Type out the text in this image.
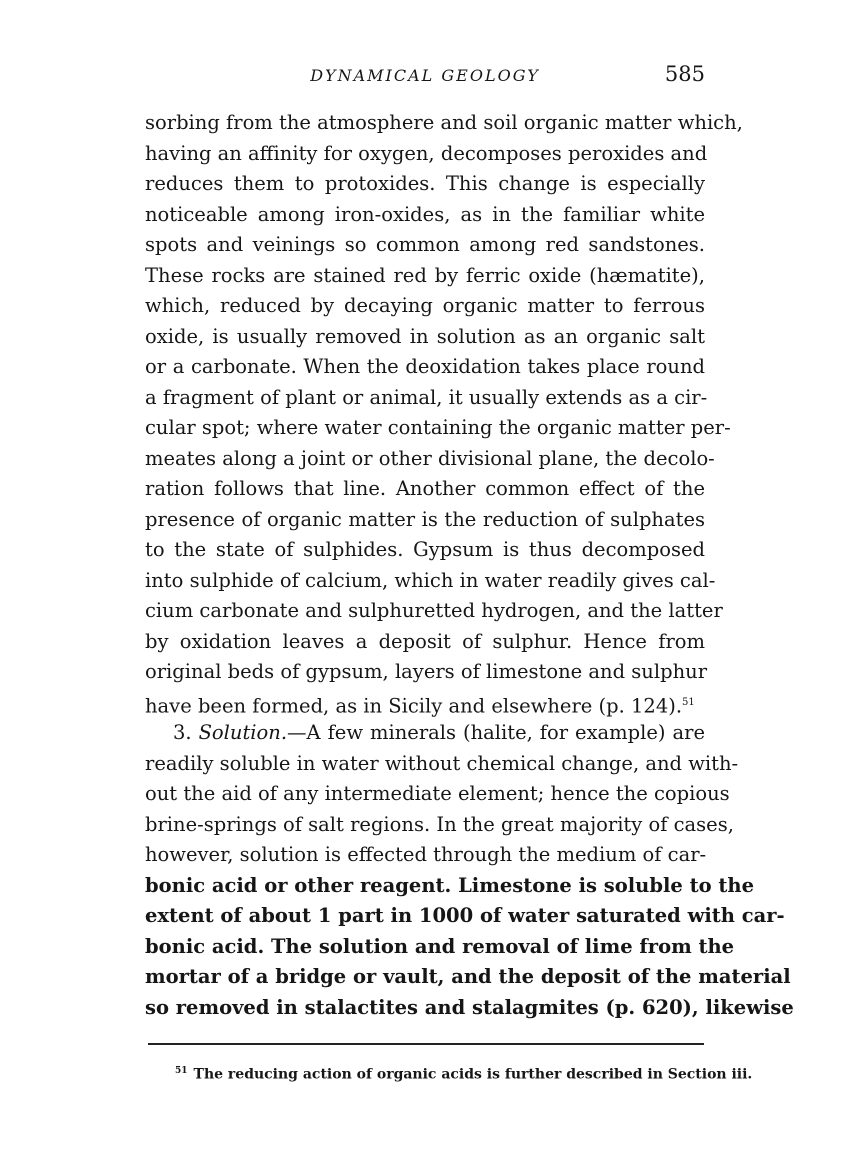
DYNAMICAL GEOLOGY	585
sorbing from the atmosphere and soil organic matter which,
having an affinity for oxygen, decomposes peroxides and
reduces them to protoxides. This change is especially
noticeable among iron-oxides, as in the familiar white
spots and veinings so common among red sandstones.
These rocks are stained red by ferric oxide (hæmatite),
which, reduced by decaying organic matter to ferrous
oxide, is usually removed in solution as an organic salt
or a carbonate. When the deoxidation takes place round
a fragment of plant or animal, it usually extends as a cir-
cular spot; where water containing the organic matter per-
meates along a joint or other divisional plane, the decolo-
ration follows that line. Another common effect of the
presence of organic matter is the reduction of sulphates
to the state of sulphides. Gypsum is thus decomposed
into sulphide of calcium, which in water readily gives cal-
cium carbonate and sulphuretted hydrogen, and the latter
by oxidation leaves a deposit of sulphur. Hence from
original beds of gypsum, layers of limestone and sulphur
have been formed, as in Sicily and elsewhere (p. 124).$^{51}$
3. Solution.—A few minerals (halite, for example) are
readily soluble in water without chemical change, and with-
out the aid of any intermediate element; hence the copious
brine-springs of salt regions. In the great majority of cases,
however, solution is effected through the medium of car-
bonic acid or other reagent. Limestone is soluble to the
extent of about 1 part in 1000 of water saturated with car-
bonic acid. The solution and removal of lime from the
mortar of a bridge or vault, and the deposit of the material
so removed in stalactites and stalagmites (p. 620), likewise
$^{51}$ The reducing action of organic acids is further described in Section iii.
